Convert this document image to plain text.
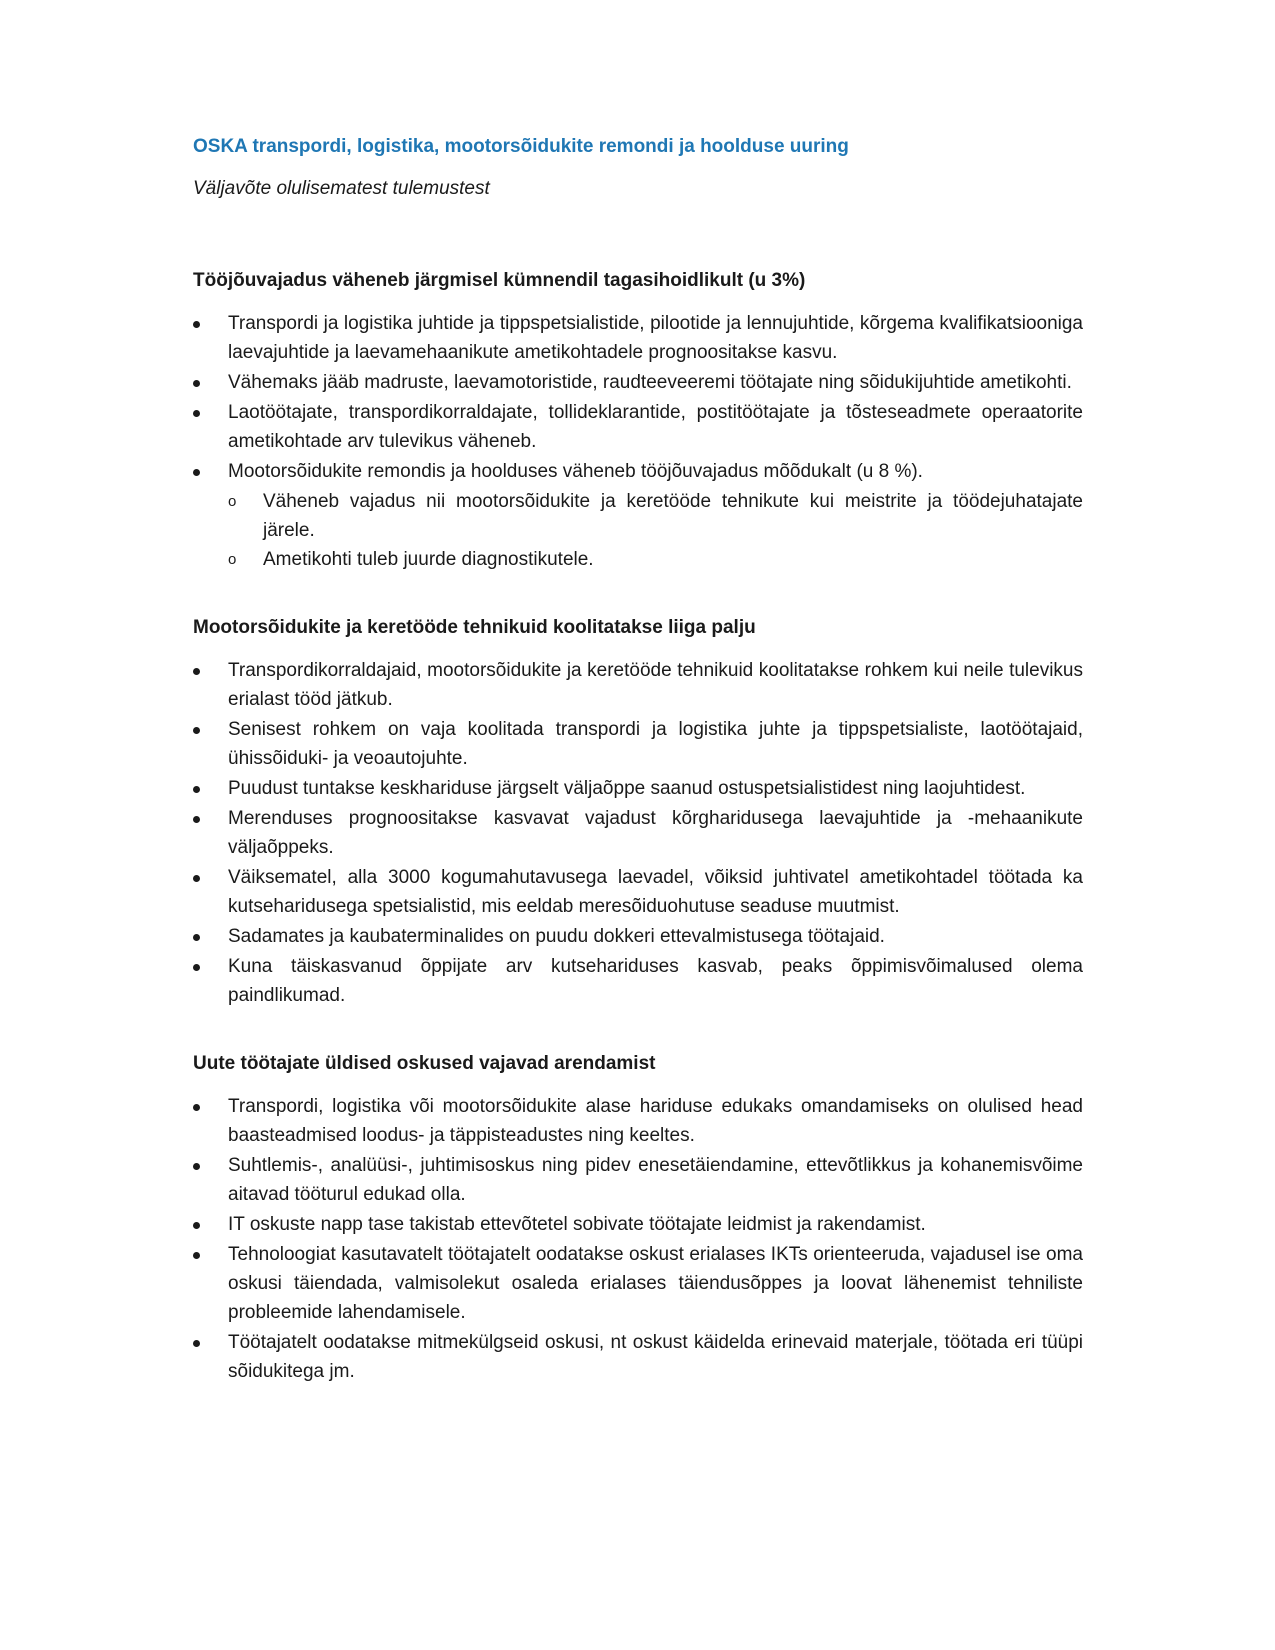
OSKA transpordi, logistika, mootorsõidukite remondi ja hoolduse uuring

Väljavõte olulisematest tulemustest

Tööjõuvajadus väheneb järgmisel kümnendil tagasihoidlikult (u 3%)
Transpordi ja logistika juhtide ja tippspetsialistide, pilootide ja lennujuhtide, kõrgema kvalifikatsiooniga laevajuhtide ja laevamehaanikute ametikohtadele prognoositakse kasvu.
Vähemaks jääb madruste, laevamotoristide, raudteeveeremi töötajate ning sõidukijuhtide ametikohti.
Laotöötajate, transpordikorraldajate, tollideklarantide, postitöötajate ja tõsteseadmete operaatorite ametikohtade arv tulevikus väheneb.
Mootorsõidukite remondis ja hoolduses väheneb tööjõuvajadus mõõdukalt (u 8 %).
o Väheneb vajadus nii mootorsõidukite ja keretööde tehnikute kui meistrite ja töödejuhatajate järele.
o Ametikohti tuleb juurde diagnostikutele.
Mootorsõidukite ja keretööde tehnikuid koolitatakse liiga palju
Transpordikorraldajaid, mootorsõidukite ja keretööde tehnikuid koolitatakse rohkem kui neile tulevikus erialast tööd jätkub.
Senisest rohkem on vaja koolitada transpordi ja logistika juhte ja tippspetsialiste, laotöötajaid, ühissõiduki- ja veoautojuhte.
Puudust tuntakse keskhariduse järgselt väljaõppe saanud ostuspetsialistidest ning laojuhtidest.
Merenduses prognoositakse kasvavat vajadust kõrgharidusega laevajuhtide ja -mehaanikute väljaõppeks.
Väiksematel, alla 3000 kogumahutavusega laevadel, võiksid juhtivatel ametikohtadel töötada ka kutseharidusega spetsialistid, mis eeldab meresõiduohutuse seaduse muutmist.
Sadamates ja kaubaterminalides on puudu dokkeri ettevalmistusega töötajaid.
Kuna täiskasvanud õppijate arv kutsehariduses kasvab, peaks õppimisvõimalused olema paindlikumad.
Uute töötajate üldised oskused vajavad arendamist
Transpordi, logistika või mootorsõidukite alase hariduse edukaks omandamiseks on olulised head baasteadmised loodus- ja täppisteadustes ning keeltes.
Suhtlemis-, analüüsi-, juhtimisoskus ning pidev enesetäiendamine, ettevõtlikkus ja kohanemisvõime aitavad tööturul edukad olla.
IT oskuste napp tase takistab ettevõtetel sobivate töötajate leidmist ja rakendamist.
Tehnoloogiat kasutavatelt töötajatelt oodatakse oskust erialases IKTs orienteeruda, vajadusel ise oma oskusi täiendada, valmisolekut osaleda erialases täiendusõppes ja loovat lähenemist tehniliste probleemide lahendamisele.
Töötajatelt oodatakse mitmekülgseid oskusi, nt oskust käidelda erinevaid materjale, töötada eri tüüpi sõidukitega jm.
